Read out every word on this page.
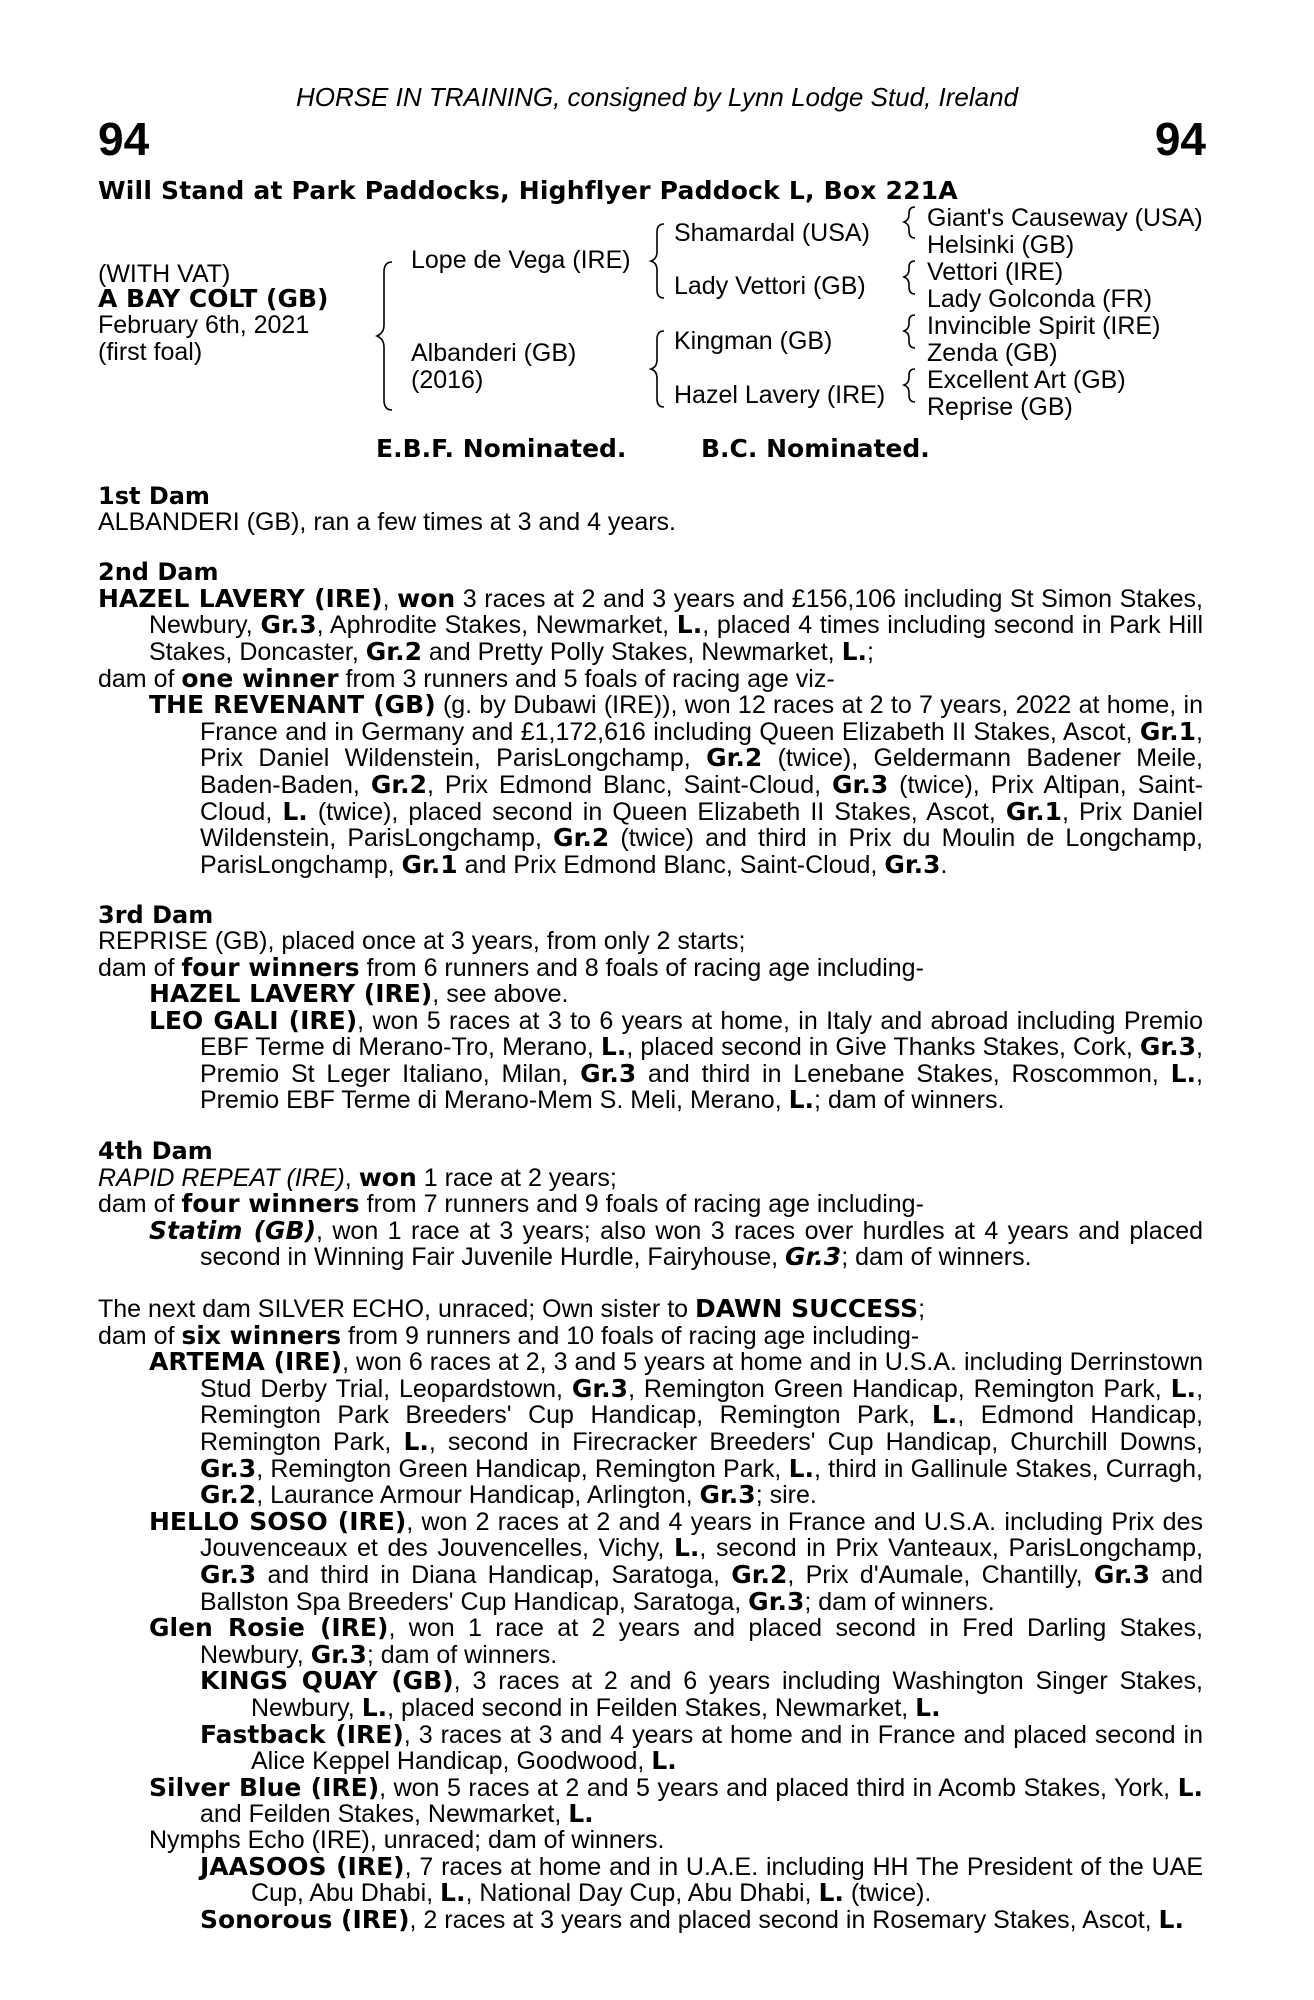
HORSE IN TRAINING, consigned by Lynn Lodge Stud, Ireland
94	94
Will Stand at Park Paddocks, Highflyer Paddock L, Box 221A
(WITH VAT)
A BAY COLT (GB)
February 6th, 2021
(first foal)
Lope de Vega (IRE)
Albanderi (GB)
(2016)
Shamardal (USA)
Lady Vettori (GB)
Kingman (GB)
Hazel Lavery (IRE)
Giant's Causeway (USA)
Helsinki (GB)
Vettori (IRE)
Lady Golconda (FR)
Invincible Spirit (IRE)
Zenda (GB)
Excellent Art (GB)
Reprise (GB)
E.B.F. Nominated.	B.C. Nominated.
1st Dam
ALBANDERI (GB), ran a few times at 3 and 4 years.
2nd Dam
HAZEL LAVERY (IRE), won 3 races at 2 and 3 years and £156,106 including St Simon Stakes, Newbury, Gr.3, Aphrodite Stakes, Newmarket, L., placed 4 times including second in Park Hill Stakes, Doncaster, Gr.2 and Pretty Polly Stakes, Newmarket, L.;
dam of one winner from 3 runners and 5 foals of racing age viz-
THE REVENANT (GB) (g. by Dubawi (IRE)), won 12 races at 2 to 7 years, 2022 at home, in France and in Germany and £1,172,616 including Queen Elizabeth II Stakes, Ascot, Gr.1, Prix Daniel Wildenstein, ParisLongchamp, Gr.2 (twice), Geldermann Badener Meile, Baden-Baden, Gr.2, Prix Edmond Blanc, Saint-Cloud, Gr.3 (twice), Prix Altipan, Saint-Cloud, L. (twice), placed second in Queen Elizabeth II Stakes, Ascot, Gr.1, Prix Daniel Wildenstein, ParisLongchamp, Gr.2 (twice) and third in Prix du Moulin de Longchamp, ParisLongchamp, Gr.1 and Prix Edmond Blanc, Saint-Cloud, Gr.3.
3rd Dam
REPRISE (GB), placed once at 3 years, from only 2 starts;
dam of four winners from 6 runners and 8 foals of racing age including-
HAZEL LAVERY (IRE), see above.
LEO GALI (IRE), won 5 races at 3 to 6 years at home, in Italy and abroad including Premio EBF Terme di Merano-Tro, Merano, L., placed second in Give Thanks Stakes, Cork, Gr.3, Premio St Leger Italiano, Milan, Gr.3 and third in Lenebane Stakes, Roscommon, L., Premio EBF Terme di Merano-Mem S. Meli, Merano, L.; dam of winners.
4th Dam
RAPID REPEAT (IRE), won 1 race at 2 years;
dam of four winners from 7 runners and 9 foals of racing age including-
Statim (GB), won 1 race at 3 years; also won 3 races over hurdles at 4 years and placed second in Winning Fair Juvenile Hurdle, Fairyhouse, Gr.3; dam of winners.
The next dam SILVER ECHO, unraced; Own sister to DAWN SUCCESS;
dam of six winners from 9 runners and 10 foals of racing age including-
ARTEMA (IRE), won 6 races at 2, 3 and 5 years at home and in U.S.A. including Derrinstown Stud Derby Trial, Leopardstown, Gr.3, Remington Green Handicap, Remington Park, L., Remington Park Breeders' Cup Handicap, Remington Park, L., Edmond Handicap, Remington Park, L., second in Firecracker Breeders' Cup Handicap, Churchill Downs, Gr.3, Remington Green Handicap, Remington Park, L., third in Gallinule Stakes, Curragh, Gr.2, Laurance Armour Handicap, Arlington, Gr.3; sire.
HELLO SOSO (IRE), won 2 races at 2 and 4 years in France and U.S.A. including Prix des Jouvenceaux et des Jouvencelles, Vichy, L., second in Prix Vanteaux, ParisLongchamp, Gr.3 and third in Diana Handicap, Saratoga, Gr.2, Prix d'Aumale, Chantilly, Gr.3 and Ballston Spa Breeders' Cup Handicap, Saratoga, Gr.3; dam of winners.
Glen Rosie (IRE), won 1 race at 2 years and placed second in Fred Darling Stakes, Newbury, Gr.3; dam of winners.
KINGS QUAY (GB), 3 races at 2 and 6 years including Washington Singer Stakes, Newbury, L., placed second in Feilden Stakes, Newmarket, L.
Fastback (IRE), 3 races at 3 and 4 years at home and in France and placed second in Alice Keppel Handicap, Goodwood, L.
Silver Blue (IRE), won 5 races at 2 and 5 years and placed third in Acomb Stakes, York, L. and Feilden Stakes, Newmarket, L.
Nymphs Echo (IRE), unraced; dam of winners.
JAASOOS (IRE), 7 races at home and in U.A.E. including HH The President of the UAE Cup, Abu Dhabi, L., National Day Cup, Abu Dhabi, L. (twice).
Sonorous (IRE), 2 races at 3 years and placed second in Rosemary Stakes, Ascot, L.
